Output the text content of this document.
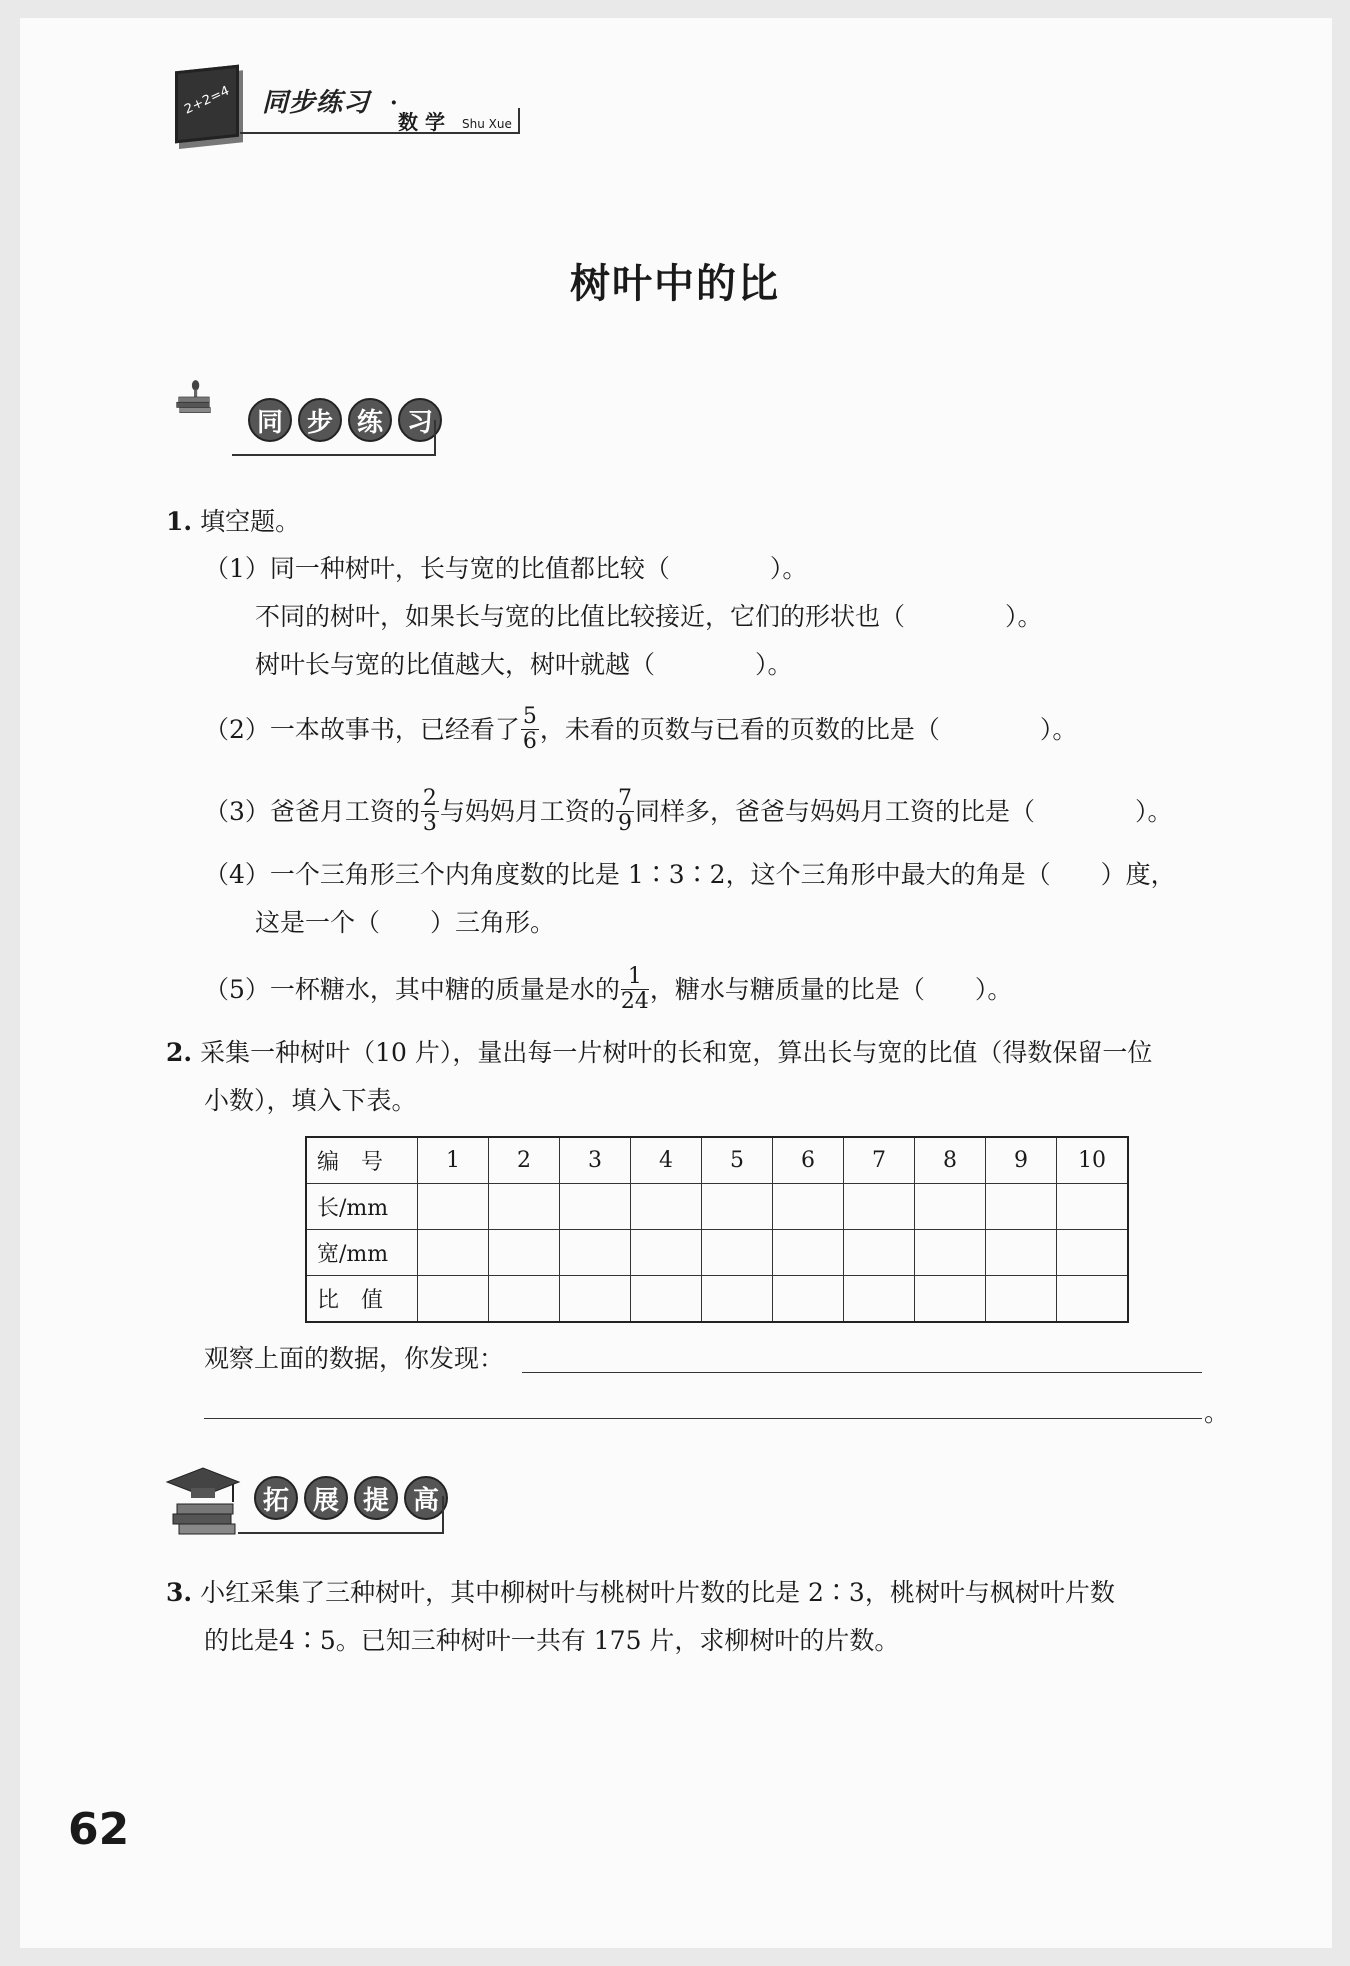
2+2=4 同步练习 ·
数 学 Shu Xue
树叶中的比
同 步 练 习
1. 填空题。
（1）同一种树叶，长与宽的比值都比较（　　　　）。
不同的树叶，如果长与宽的比值比较接近，它们的形状也（　　　　）。
树叶长与宽的比值越大，树叶就越（　　　　）。
（2）一本故事书，已经看了 $\frac{5}{6}$ ，未看的页数与已看的页数的比是（　　　　）。
（3）爸爸月工资的 $\frac{2}{3}$ 与妈妈月工资的 $\frac{7}{9}$ 同样多，爸爸与妈妈月工资的比是（　　　　）。
（4）一个三角形三个内角度数的比是 1∶3∶2，这个三角形中最大的角是（　　）度，
这是一个（　　）三角形。
（5）一杯糖水，其中糖的质量是水的 $\frac{1}{24}$ ，糖水与糖质量的比是（　　）。
2. 采集一种树叶（10 片），量出每一片树叶的长和宽，算出长与宽的比值（得数保留一位
小数），填入下表。
编　号	1	2	3	4	5	6	7	8	9	10
长/mm										
宽/mm										
比　值										
观察上面的数据，你发现：
。
拓 展 提 高
3. 小红采集了三种树叶，其中柳树叶与桃树叶片数的比是 2∶3，桃树叶与枫树叶片数
的比是4∶5。已知三种树叶一共有 175 片，求柳树叶的片数。
62
